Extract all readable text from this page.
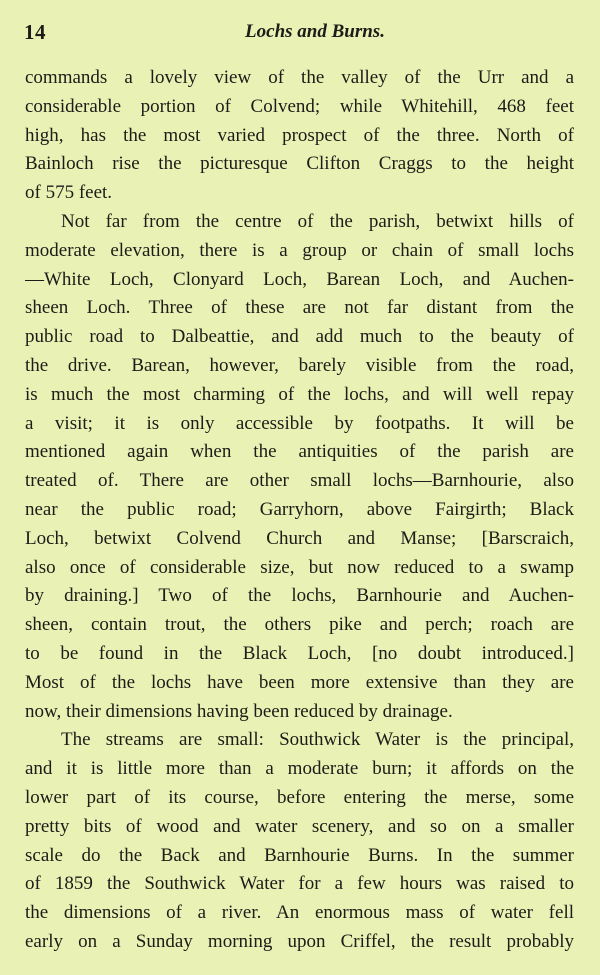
14	Lochs and Burns.
commands a lovely view of the valley of the Urr and a
considerable portion of Colvend; while Whitehill, 468 feet
high, has the most varied prospect of the three. North of
Bainloch rise the picturesque Clifton Craggs to the height
of 575 feet.
Not far from the centre of the parish, betwixt hills of
moderate elevation, there is a group or chain of small lochs
—White Loch, Clonyard Loch, Barean Loch, and Auchen-
sheen Loch. Three of these are not far distant from the
public road to Dalbeattie, and add much to the beauty of
the drive. Barean, however, barely visible from the road,
is much the most charming of the lochs, and will well repay
a visit; it is only accessible by footpaths. It will be
mentioned again when the antiquities of the parish are
treated of. There are other small lochs—Barnhourie, also
near the public road; Garryhorn, above Fairgirth; Black
Loch, betwixt Colvend Church and Manse; [Barscraich,
also once of considerable size, but now reduced to a swamp
by draining.] Two of the lochs, Barnhourie and Auchen-
sheen, contain trout, the others pike and perch; roach are
to be found in the Black Loch, [no doubt introduced.]
Most of the lochs have been more extensive than they are
now, their dimensions having been reduced by drainage.
The streams are small: Southwick Water is the principal,
and it is little more than a moderate burn; it affords on the
lower part of its course, before entering the merse, some
pretty bits of wood and water scenery, and so on a smaller
scale do the Back and Barnhourie Burns. In the summer
of 1859 the Southwick Water for a few hours was raised to
the dimensions of a river. An enormous mass of water fell
early on a Sunday morning upon Criffel, the result probably
